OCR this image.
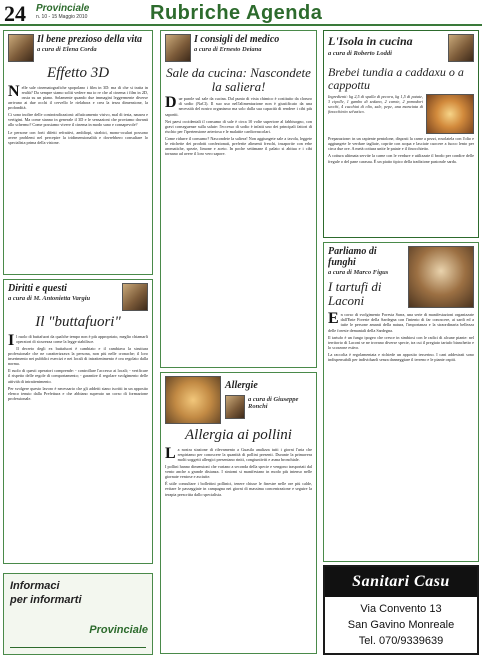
24 Provinciale
n. 10 - 15 Maggio 2010	Rubriche Agenda
Il bene prezioso della vita
a cura di Elena Corda
Effetto 3D
N elle sale cinematografiche spopolano i film in 3D: ma di che si tratta in realtà? Da sempre siamo soliti vedere ma io re che al cinema i film in 2D, ossia su un piano. Solamente quando due immagini leggermente diverse arrivano ai due occhi il cervello le rielabora e crea la terza dimensione, la profondità.

Ci sono inoltre delle controindicazioni: affaticamento visivo, mal di testa, nausea e vertigini. Ma come stanno in generale il 3D e le sensazioni che proviamo davanti allo schermo? Come possiamo vivere il cinema in modo sano e consapevole?

Le persone con forti difetti refrattivi, ambliopi, strabici, mono-oculari possono avere problemi nel percepire la tridimensionalità e dovrebbero consultare lo specialista prima della visione.

Diritti e questi
a cura di M. Antonietta Vargiu
Il "buttafuori"
I l ruolo di buttafuori da qualche tempo non è più appropriato, meglio chiamarli operatori di sicurezza come la legge stabilisce.

Il decreto degli ex buttafuori è cambiato e il cambiava la struttura professionale che ne caratterizzava la persona, non più nelle cronache; il loro inserimento nei pubblici esercizi e nei locali di intrattenimento è ora regolato dalla norma.

Il ruolo di questi operatori comprende: - controllare l'accesso ai locali; - verificare il rispetto delle regole di comportamento; - garantire il regolare svolgimento delle attività di intrattenimento.

Per svolgere questo lavoro è necessario che gli addetti siano iscritti in un apposito elenco tenuto dalla Prefettura e che abbiano superato un corso di formazione professionale.

Informaci
per informarti
Provinciale
I consigli del medico
a cura di Ernesto Deiana
Sale da cucina: Nascondete la saliera!
D ue parole sul sale da cucina. Dal punto di vista chimico è costituito da cloruro di sodio (NaCl). Il suo uso nell'alimentazione non è giustificato da una necessità del nostro organismo ma solo dalla sua capacità di rendere i cibi più saporiti.

Nei paesi occidentali il consumo di sale è circa 10 volte superiore al fabbisogno, con gravi conseguenze sulla salute: l'eccesso di sodio è infatti uno dei principali fattori di rischio per l'ipertensione arteriosa e le malattie cardiovascolari.

Come ridurre il consumo? Nascondete la saliera! Non aggiungete sale a tavola, leggete le etichette dei prodotti confezionati, preferite alimenti freschi, insaporite con erbe aromatiche, spezie, limone e aceto. In poche settimane il palato si abitua e i cibi tornano ad avere il loro vero sapore.

Allergie
a cura di Giuseppe Ronchi
Allergia ai pollini
L a nostra stazione di rilevamento a Guasila analizza tutti i giorni l'aria che respiriamo per conoscere la quantità di pollini presenti. Durante la primavera molti soggetti allergici presentano riniti, congiuntiviti e asma bronchiale.

I pollini hanno dimensioni che variano a seconda della specie e vengono trasportati dal vento anche a grande distanza. I sintomi si manifestano in modo più intenso nelle giornate ventose e asciutte.

È utile consultare i bollettini pollinici, tenere chiuse le finestre nelle ore più calde, evitare le passeggiate in campagna nei giorni di massima concentrazione e seguire la terapia prescritta dallo specialista.

L'Isola in cucina
a cura di Roberto Loddi
Brebei tundia a caddaxu o a cappottu
Ingredienti: kg 2,5 di spalla di pecora, kg 1,5 di patate, 3 cipolle, 1 gambo di sedano, 2 carote, 2 pomodori secchi, 4 cucchiai di olio, sale, pepe, una manciata di finocchietto selvatico.

Preparazione: in un capiente pentolone, disposti la carne a pezzi, rosolatela con l'olio e aggiungete le verdure tagliate, coprite con acqua e lasciate cuocere a fuoco lento per circa due ore. A metà cottura unite le patate e il finocchietto.

A cottura ultimata servite la carne con le verdure e utilizzate il brodo per condire delle fregule o del pane carasau. È un piatto tipico della tradizione pastorale sarda.

Parliamo di funghi
a cura di Marco Figus
I tartufi di Laconi
E n corso di svolgimento Foresta Sarra, una serie di manifestazioni organizzate dall'Ente Foreste della Sardegna con l'intento di far conoscere, ai sardi ed a tutte le persone amanti della natura, l'importanza e la straordinaria bellezza delle foreste demaniali della Sardegna.

Il tartufo è un fungo ipogeo che cresce in simbiosi con le radici di alcune piante: nel territorio di Laconi se ne trovano diverse specie, tra cui il pregiato tartufo bianchetto e lo scorzone estivo.

La raccolta è regolamentata e richiede un apposito tesserino. I cani addestrati sono indispensabili per individuarli senza danneggiare il terreno e le piante ospiti.

Sanitari Casu
Via Convento 13
San Gavino Monreale
Tel. 070/9339639
